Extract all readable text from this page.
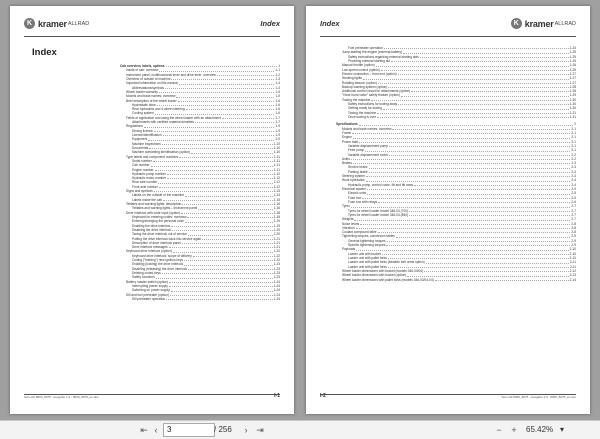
K kramer ALLRAD	Index
Index
Cab overview, labels, options	1
Inside of cab: overview	1-1
Instrument panel, multifunctional lever and drive lever: overview	1-2
Overview of outside of machine	1-3
Important information on this manual	1-4
Abbreviations/symbols	1-4
Wheel loader warranty	1-5
Models and trade names: overview	1-5
Brief description of the wheel loader	1-6
Hydrostatic drive	1-6
Rear hydraulics and 4-wheel steering	1-6
Cooling system	1-6
Fields of application and using the wheel loader with an attachment	1-7
Attachments with certified material densities	1-7
Regulations	1-9
Driving licence	1-9
Licence/identification	1-9
Equipment	1-9
Machine inspections	1-10
Documents	1-10
Machine warranting identification (option)	1-10
Type labels and component numbers	1-11
Serial number	1-11
Cab number	1-11
Engine number	1-11
Hydraulic pump number	1-12
Hydraulic motor number	1-12
Rear axle number	1-12
Front axle number	1-12
Signs and symbols	1-13
Labels on the outside of the machine	1-13
Labels inside the cab	1-15
Telltales and warning lights: description	1-16
Telltales and warning lights – instrument panel	1-16
Drive interlock with code input (option)	1-18
Keyboard for entering codes: overview	1-18
Entering/changing the personal code	1-19
Enabling the drive interlock	1-19
Disabling the drive interlock	1-20
Taxing the drive interlock out of service	1-20
Putting the drive interlock back into service again	1-21
Description of drive interlock panel	1-21
Drive interlock messages	1-21
Keyboard drive interlock (option)	1-22
Keyboard drive interlock: scope of delivery	1-22
Coding ("training") new ignition keys	1-22
Enabling (locking) the drive interlock	1-23
Disabling (releasing) the drive interlock	1-23
Deleting coded keys	1-23
Safety functions	1-23
Battery master switch (option)	1-24
Interrupting power supply	1-24
Switching on power supply	1-24
Dill and fuel preheater (option)	1-24
Dill preheater operation	1-24
Serv-Hb 8060_8075 - Ausgabe 1.0 - 8060_8075_en.doc	I-1
Index	K kramer ALLRAD
Fuel preheater operation	1-24
Jump-starting the engine (external battery)	1-25
Safety instructions regarding external starting aids	1-25
Providing external starting aid	1-25
Manual throttle (option)	1-26
Low-speed control (option)	1-26
Electric connection – front end (option)	1-27
Working lights	1-27
Rotating beacon (option)	1-27
Backup warning system (option)	1-28
Additional control circuit for attachments (option)	1-28
"Hose burst valve" safety feature (option)	1-29
Towing the machine	1-30
Safety instructions for towing away	1-30
Getting ready for towing	1-30
Towing the machine	1-31
Once towing is over	1-31
Specifications	2
Models and trade names: overview	2-1
Frame	2-1
Engine	2-1
Power train	2-1
Variable displacement pump	2-1
Feed pump	2-1
Variable displacement motor	2-2
Axles	2-2
Brakes	2-3
Service brake	2-3
Parking brake	2-3
Steering system	2-4
Work hydraulics	2-4
Hydraulic pump, control valve, lift and tilt rams	2-4
Electrical system	2-5
Electric units	2-5
Fuse box	2-5
Fuse box with relays	2-6
Tyres	2-7
Tyres for wheel loader model 346-03 (700)	2-7
Tyres for wheel loader model 346-04 (850)	2-7
Weights	2-7
Noise levels	2-8
Vibration	2-8
Coolant compound table	2-8
Tightening torques, conversion tables	2-9
General tightening torques	2-9
Specific tightening torques	2-9
Payloads	2-10
Loader unit with bucket	2-10
Loader unit with pallet forks	2-10
Loader unit with pallet forks (foldable fork arms option)	2-11
Loader unit with pallet forks	2-11
Wheel loader dimensions with bucket (models 346-03/04)	2-12
Wheel loader dimensions with bucket (option)	2-13
Wheel loader dimensions with pallet forks (models 346-03/04-04)	2-14
I-2	Serv-Hb 8060_8075 - Ausgabe 1.0 - 8060_8075_en.doc
⇤ ‹
3	/ 256	› ⇥	−	+	65.42% ▾
